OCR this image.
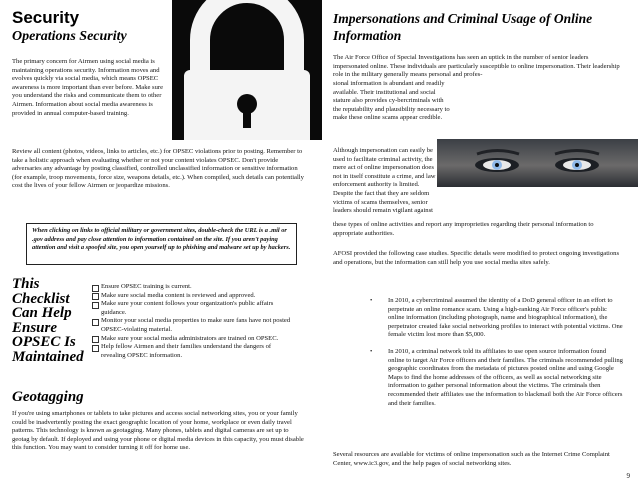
Security
Operations Security

The primary concern for Airmen using social media is maintaining operations security. Information moves and evolves quickly via social media, which means OPSEC awareness is more important than ever before. Make sure you understand the risks and communicate them to other Airmen. Information about social media awareness is provided in annual computer-based training.

Review all content (photos, videos, links to articles, etc.) for OPSEC violations prior to posting. Remember to take a holistic approach when evaluating whether or not your content violates OPSEC. Don't provide adversaries any advantage by posting classified, controlled unclassified information or sensitive information (for example, troop movements, force size, weapons details, etc.). When compiled, such details can potentially cost the lives of your fellow Airmen or jeopardize missions.

When clicking on links to official military or government sites, double-check the URL is a .mil or .gov address and pay close attention to information contained on the site. If you aren't paying attention and visit a spoofed site, you open yourself up to phishing and malware set up by hackers.
This
Checklist
Can Help
Ensure
OPSEC Is
Maintained
Ensure OPSEC training is current.
Make sure social media content is reviewed and approved.
Make sure your content follows your organization's public affairs guidance.
Monitor your social media properties to make sure fans have not posted OPSEC-violating material.
Make sure your social media administrators are trained on OPSEC.
Help fellow Airmen and their families understand the dangers of revealing OPSEC information.
Geotagging

If you're using smartphones or tablets to take pictures and access social networking sites, you or your family could be inadvertently posting the exact geographic location of your home, workplace or even daily travel patterns. This technology is known as geotagging. Many phones, tablets and digital cameras are set up to geotag by default. If deployed and using your phone or digital media devices in this capacity, you must disable this function. You may want to consider turning it off for home use.

Impersonations and Criminal Usage of Online Information

The Air Force Office of Special Investigations has seen an uptick in the number of senior leaders impersonated online. These individuals are particularly susceptible to online impersonation. Their leadership role in the military generally means personal and profes-

sional information is abundant and readily available. Their institutional and social stature also provides cy-bercriminals with the reputability and plausibility necessary to make these online scams appear credible.

Although impersonation can easily be used to facilitate criminal activity, the mere act of online impersonation does not in itself constitute a crime, and law enforcement authority is limited. Despite the fact that they are seldom victims of scams themselves, senior leaders should remain vigilant against

these types of online activities and report any improprieties regarding their personal information to appropriate authorities.

AFOSI provided the following case studies. Specific details were modified to protect ongoing investigations and operations, but the information can still help you use social media sites safely.

•	In 2010, a cybercriminal assumed the identity of a DoD general officer in an effort to perpetrate an online romance scam. Using a high-ranking Air Force officer's public online information (including photograph, name and biographical information), the perpetrator created fake social networking profiles to interact with potential victims. One female victim lost more than $5,000.
•	In 2010, a criminal network told its affiliates to use open source information found online to target Air Force officers and their families. The criminals recommended pulling geographic coordinates from the metadata of pictures posted online and using Google Maps to find the home addresses of the officers, as well as social networking site information to gather personal information about the victims. The criminals then recommended their affiliates use the information to blackmail both the Air Force officers and their families.

Several resources are available for victims of online impersonation such as the Internet Crime Complaint Center, www.ic3.gov, and the help pages of social networking sites.

9
